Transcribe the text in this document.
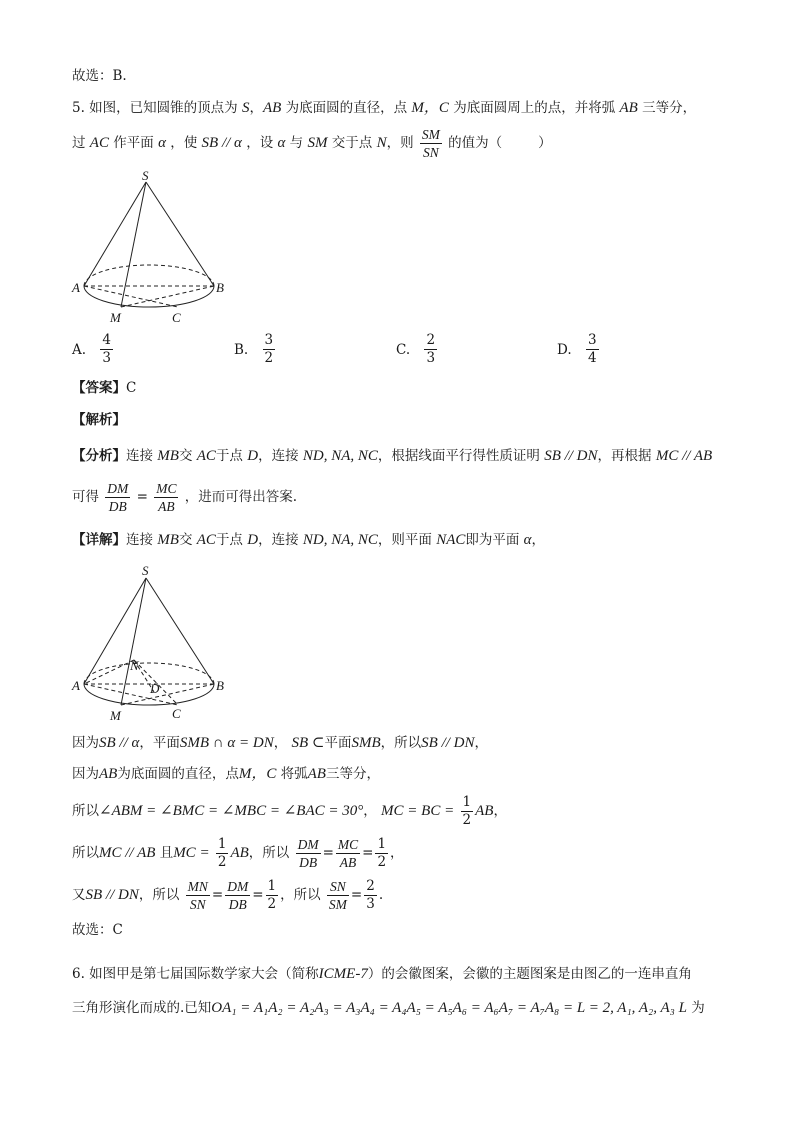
故选：B.
5. 如图，已知圆锥的顶点为 S，AB 为底面圆的直径，点 M，C 为底面圆周上的点，并将弧 AB 三等分，
过 AC 作平面 α ，使 SB // α ，设 α 与 SM 交于点 N，则 $\frac{SM}{SN}$ 的值为（	）
S
A	B
M	C
A. $\frac{4}{3}$	B. $\frac{3}{2}$	C. $\frac{2}{3}$	D. $\frac{3}{4}$
【答案】C
【解析】
【分析】连接 MB交 AC于点 D，连接 ND, NA, NC，根据线面平行得性质证明 SB // DN，再根据 MC // AB
可得 $\frac{DM}{DB} = \frac{MC}{AB}$ ，进而可得出答案.
【详解】连接 MB交 AC于点 D，连接 ND, NA, NC，则平面 NAC即为平面 α，
S
A	B
M	C
N
D
因为SB // α，平面SMB ∩ α = DN， SB ⊂平面SMB，所以SB // DN，
因为AB为底面圆的直径，点M，C 将弧AB三等分，
所以∠ABM = ∠BMC = ∠MBC = ∠BAC = 30°， MC = BC = $\frac{1}{2}$ AB，
所以MC // AB 且MC = $\frac{1}{2}$ AB，所以 $\frac{DM}{DB} = \frac{MC}{AB} = \frac{1}{2}$ ，
又SB // DN，所以 $\frac{MN}{SN} = \frac{DM}{DB} = \frac{1}{2}$ ，所以 $\frac{SN}{SM} = \frac{2}{3}$ .
故选：C
6. 如图甲是第七届国际数学家大会（简称ICME-7）的会徽图案，会徽的主题图案是由图乙的一连串直角
三角形演化而成的.已知OA₁ = A₁A₂ = A₂A₃ = A₃A₄ = A₄A₅ = A₅A₆ = A₆A₇ = A₇A₈ = L = 2, A₁, A₂, A₃ L 为
